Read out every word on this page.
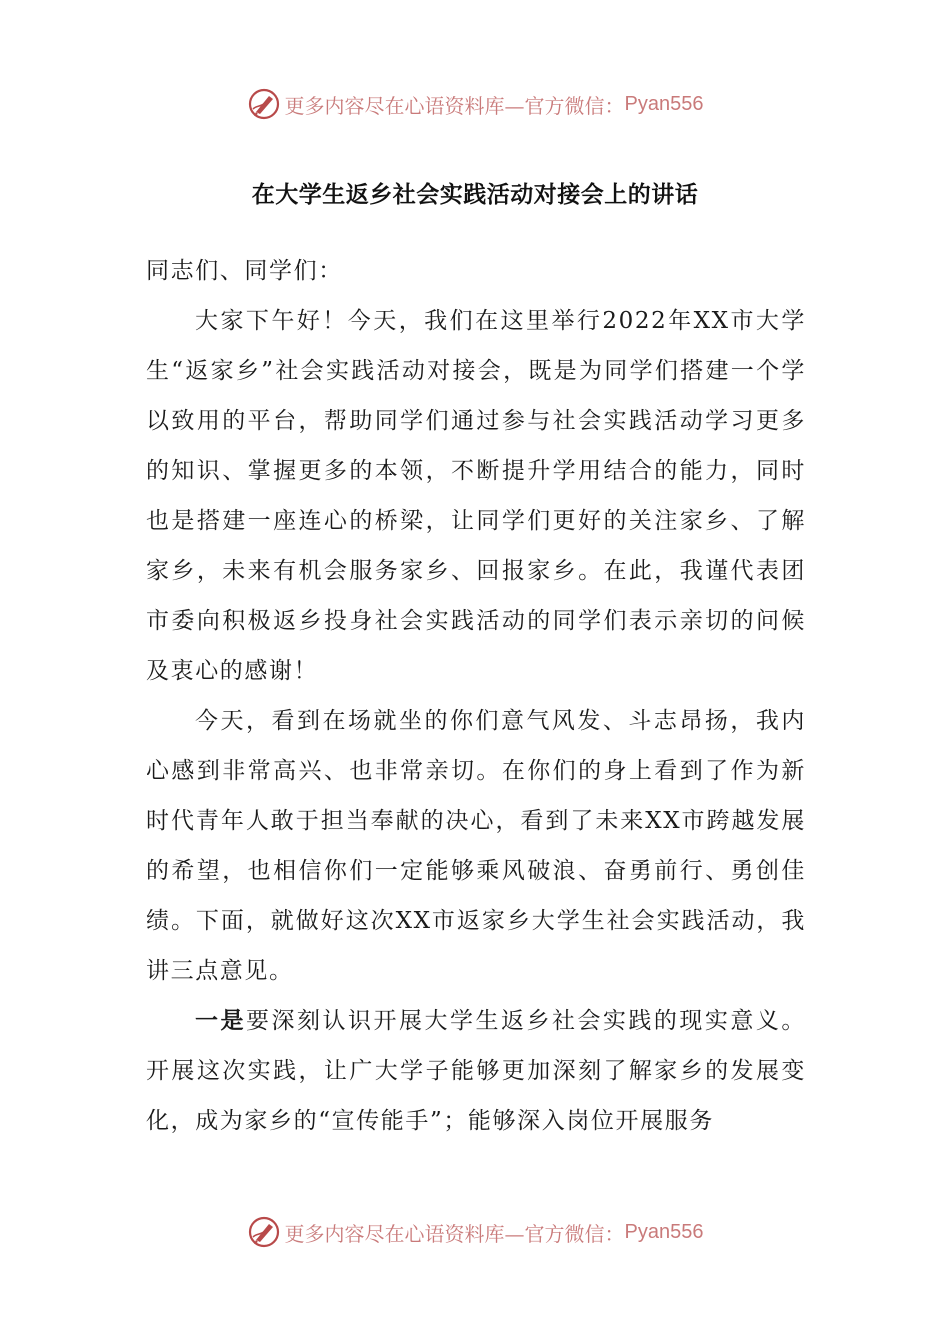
更多内容尽在心语资料库—官方微信： Pyan556
在大学生返乡社会实践活动对接会上的讲话

同志们、同学们：

大家下午好！今天，我们在这里举行2022年XX市大学生“返家乡”社会实践活动对接会，既是为同学们搭建一个学以致用的平台，帮助同学们通过参与社会实践活动学习更多的知识、掌握更多的本领，不断提升学用结合的能力，同时也是搭建一座连心的桥梁，让同学们更好的关注家乡、了解家乡，未来有机会服务家乡、回报家乡。在此，我谨代表团市委向积极返乡投身社会实践活动的同学们表示亲切的问候及衷心的感谢！

今天，看到在场就坐的你们意气风发、斗志昂扬，我内心感到非常高兴、也非常亲切。在你们的身上看到了作为新时代青年人敢于担当奉献的决心，看到了未来XX市跨越发展的希望，也相信你们一定能够乘风破浪、奋勇前行、勇创佳绩。下面，就做好这次XX市返家乡大学生社会实践活动，我讲三点意见。

一是要深刻认识开展大学生返乡社会实践的现实意义。开展这次实践，让广大学子能够更加深刻了解家乡的发展变化，成为家乡的“宣传能手”；能够深入岗位开展服务

更多内容尽在心语资料库—官方微信： Pyan556
